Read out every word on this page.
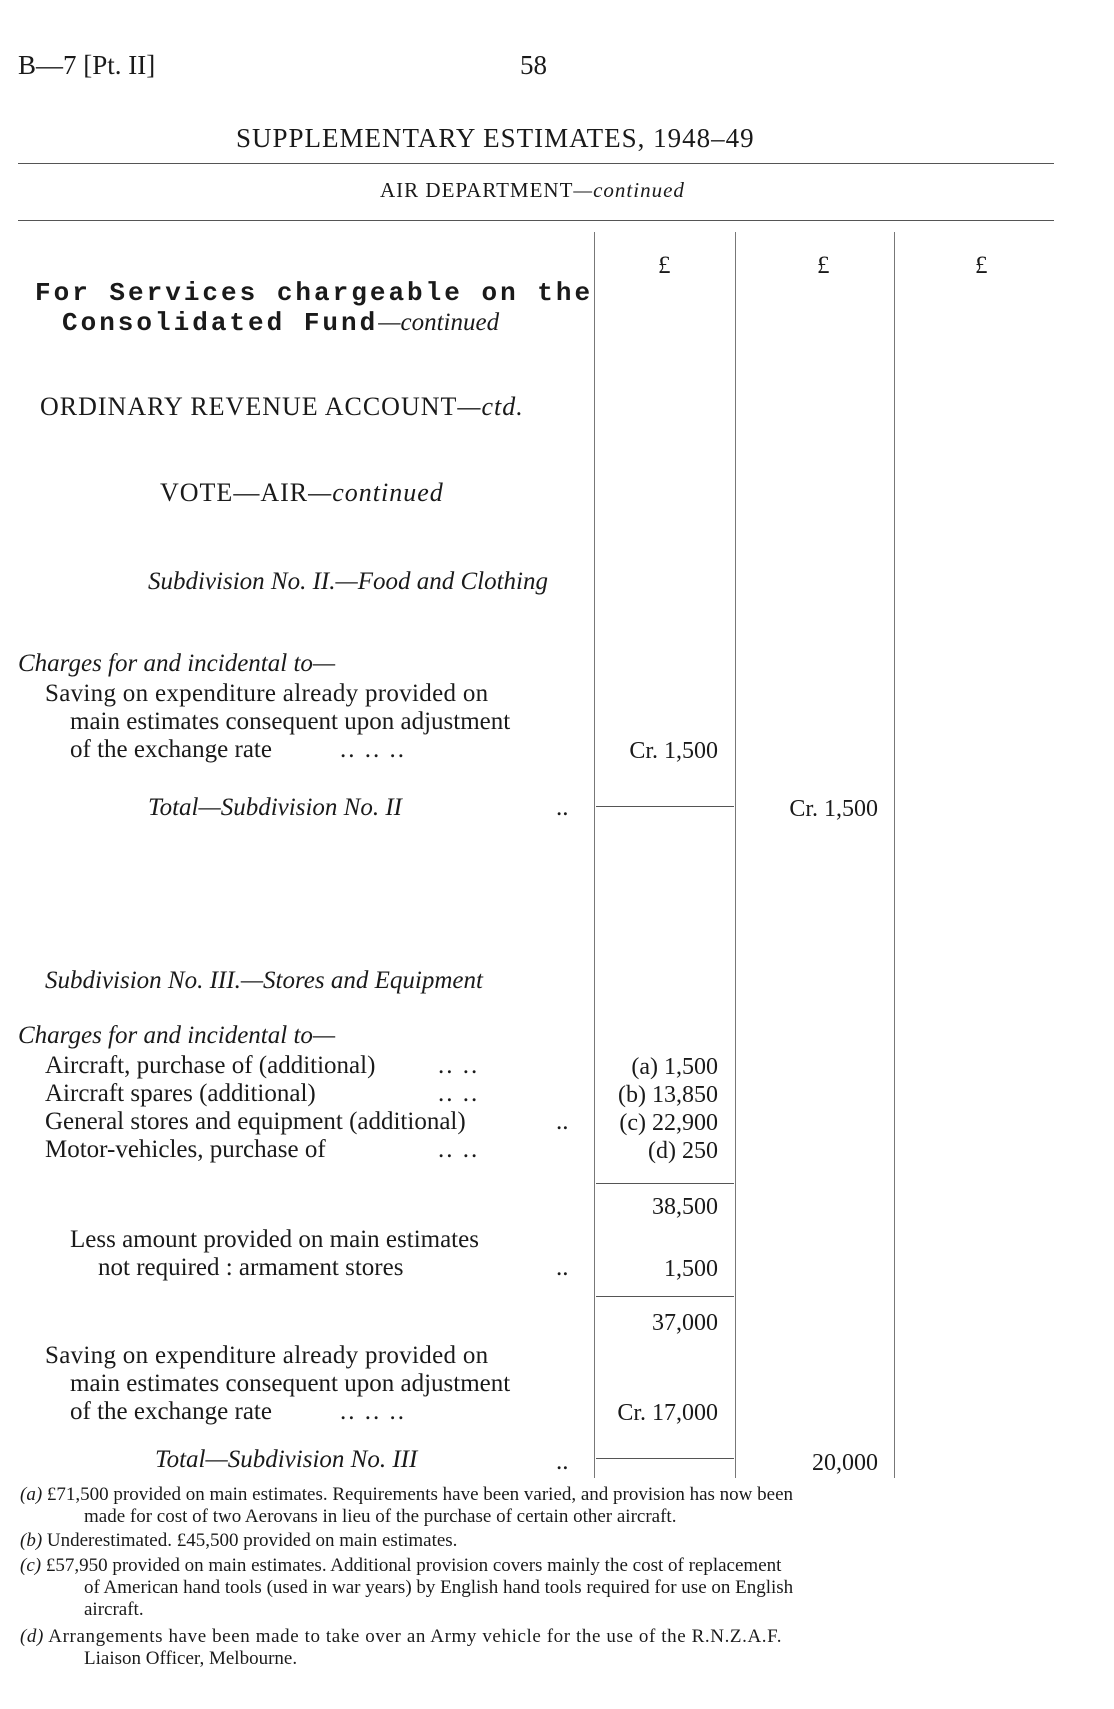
B—7 [Pt. II]	58
SUPPLEMENTARY ESTIMATES, 1948–49
AIR DEPARTMENT—continued
£	£	£
For Services chargeable on the
Consolidated Fund—continued
ORDINARY REVENUE ACCOUNT—ctd.
VOTE—AIR—continued
Subdivision No. II.—Food and Clothing
Charges for and incidental to—
Saving on expenditure already provided on
main estimates consequent upon adjustment
of the exchange rate	.. .. ..	Cr. 1,500
Total—Subdivision No. II	..	Cr. 1,500
Subdivision No. III.—Stores and Equipment
Charges for and incidental to—
Aircraft, purchase of (additional)	.. ..	(a) 1,500
Aircraft spares (additional)	.. ..	(b) 13,850
General stores and equipment (additional)	..	(c) 22,900
Motor-vehicles, purchase of	.. ..	(d) 250
38,500
Less amount provided on main estimates
not required : armament stores	..	1,500
37,000
Saving on expenditure already provided on
main estimates consequent upon adjustment
of the exchange rate	.. .. ..	Cr. 17,000
Total—Subdivision No. III	..	20,000
(a) £71,500 provided on main estimates. Requirements have been varied, and provision has now been
made for cost of two Aerovans in lieu of the purchase of certain other aircraft.
(b) Underestimated. £45,500 provided on main estimates.
(c) £57,950 provided on main estimates. Additional provision covers mainly the cost of replacement
of American hand tools (used in war years) by English hand tools required for use on English
aircraft.
(d) Arrangements have been made to take over an Army vehicle for the use of the R.N.Z.A.F.
Liaison Officer, Melbourne.
